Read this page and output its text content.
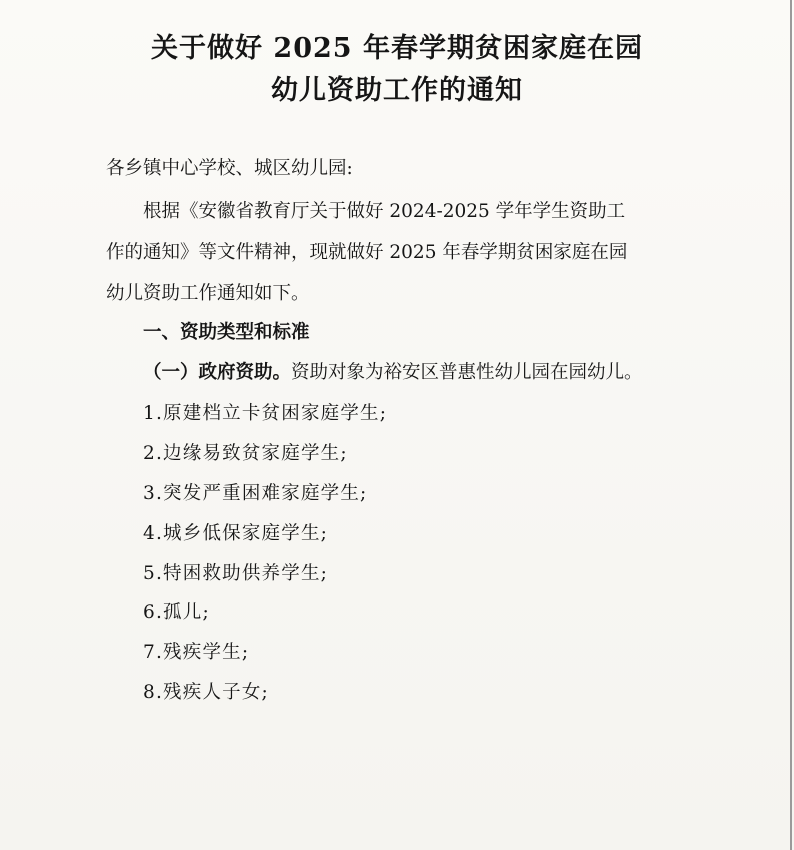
关于做好 2025 年春学期贫困家庭在园
幼儿资助工作的通知
各乡镇中心学校、城区幼儿园:
根据《安徽省教育厅关于做好 2024-2025 学年学生资助工
作的通知》等文件精神，现就做好 2025 年春学期贫困家庭在园
幼儿资助工作通知如下。
一、资助类型和标准
（一）政府资助。资助对象为裕安区普惠性幼儿园在园幼儿。
1.原建档立卡贫困家庭学生;
2.边缘易致贫家庭学生;
3.突发严重困难家庭学生;
4.城乡低保家庭学生;
5.特困救助供养学生;
6.孤儿;
7.残疾学生;
8.残疾人子女;
